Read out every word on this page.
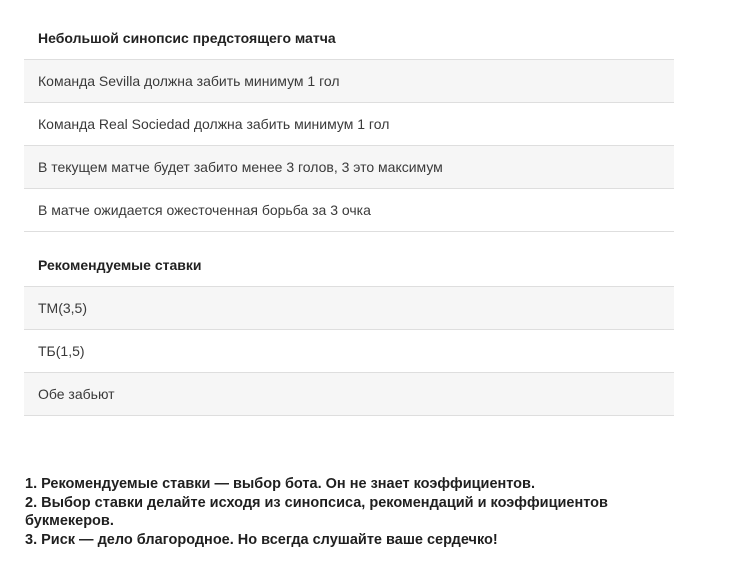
Небольшой синопсис предстоящего матча
Команда Sevilla должна забить минимум 1 гол
Команда Real Sociedad должна забить минимум 1 гол
В текущем матче будет забито менее 3 голов, 3 это максимум
В матче ожидается ожесточенная борьба за 3 очка
Рекомендуемые ставки
ТМ(3,5)
ТБ(1,5)
Обе забьют
1. Рекомендуемые ставки — выбор бота. Он не знает коэффициентов.
2. Выбор ставки делайте исходя из синопсиса, рекомендаций и коэффициентов букмекеров.
3. Риск — дело благородное. Но всегда слушайте ваше сердечко!
